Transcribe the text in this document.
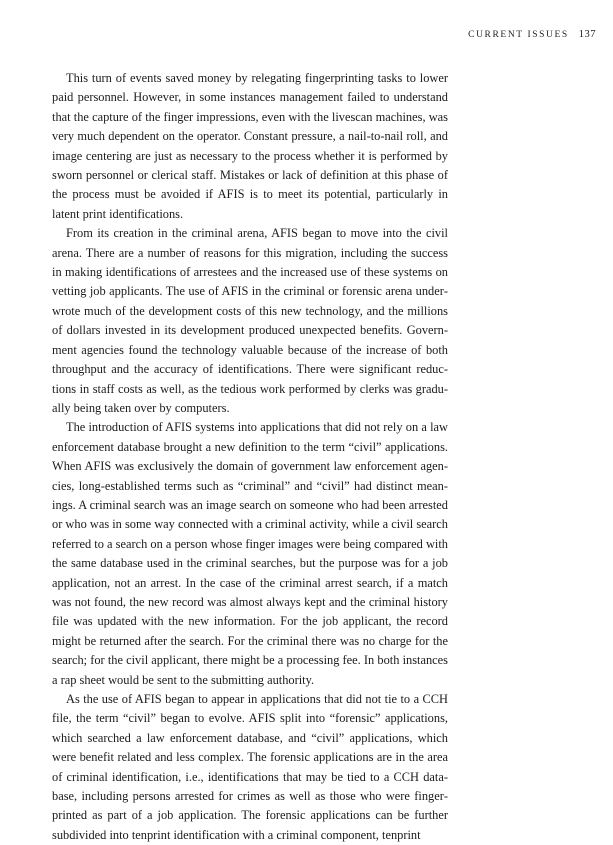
CURRENT ISSUES 137

This turn of events saved money by relegating fingerprinting tasks to lower paid personnel. However, in some instances management failed to understand that the capture of the finger impressions, even with the livescan machines, was very much dependent on the operator. Constant pressure, a nail-to-nail roll, and image centering are just as necessary to the process whether it is performed by sworn personnel or clerical staff. Mistakes or lack of definition at this phase of the process must be avoided if AFIS is to meet its potential, particularly in latent print identifications.

From its creation in the criminal arena, AFIS began to move into the civil arena. There are a number of reasons for this migration, including the success in making identifications of arrestees and the increased use of these systems on vetting job applicants. The use of AFIS in the criminal or forensic arena underwrote much of the development costs of this new technology, and the millions of dollars invested in its development produced unexpected benefits. Government agencies found the technology valuable because of the increase of both throughput and the accuracy of identifications. There were significant reductions in staff costs as well, as the tedious work performed by clerks was gradually being taken over by computers.

The introduction of AFIS systems into applications that did not rely on a law enforcement database brought a new definition to the term “civil” applications. When AFIS was exclusively the domain of government law enforcement agencies, long-established terms such as “criminal” and “civil” had distinct meanings. A criminal search was an image search on someone who had been arrested or who was in some way connected with a criminal activity, while a civil search referred to a search on a person whose finger images were being compared with the same database used in the criminal searches, but the purpose was for a job application, not an arrest. In the case of the criminal arrest search, if a match was not found, the new record was almost always kept and the criminal history file was updated with the new information. For the job applicant, the record might be returned after the search. For the criminal there was no charge for the search; for the civil applicant, there might be a processing fee. In both instances a rap sheet would be sent to the submitting authority.

As the use of AFIS began to appear in applications that did not tie to a CCH file, the term “civil” began to evolve. AFIS split into “forensic” applications, which searched a law enforcement database, and “civil” applications, which were benefit related and less complex. The forensic applications are in the area of criminal identification, i.e., identifications that may be tied to a CCH database, including persons arrested for crimes as well as those who were fingerprinted as part of a job application. The forensic applications can be further subdivided into tenprint identification with a criminal component, tenprint
